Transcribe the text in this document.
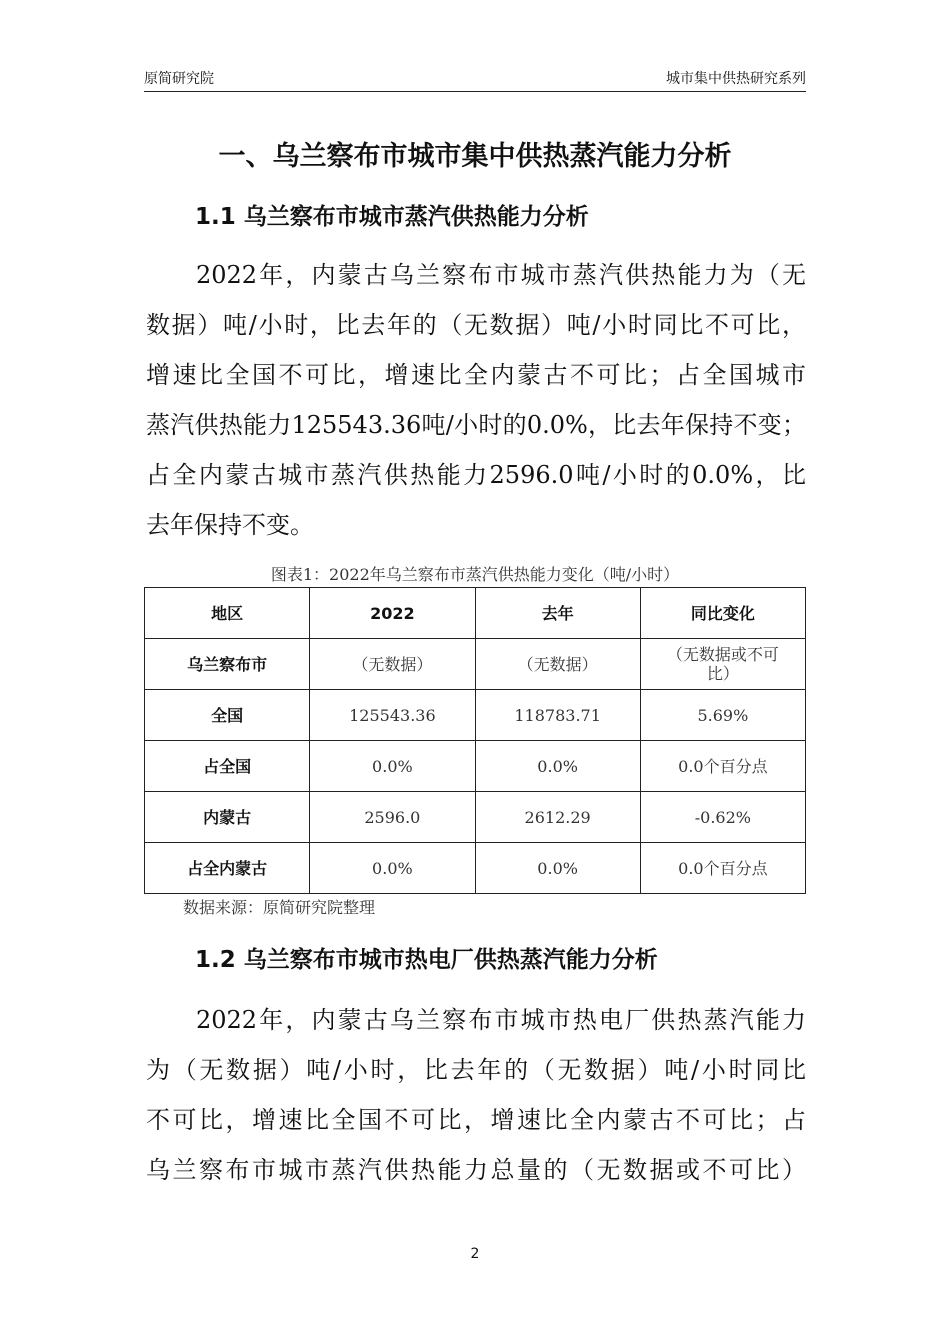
原简研究院	城市集中供热研究系列
一、乌兰察布市城市集中供热蒸汽能力分析
1.1 乌兰察布市城市蒸汽供热能力分析
2022年，内蒙古乌兰察布市城市蒸汽供热能力为（无
数据）吨/小时，比去年的（无数据）吨/小时同比不可比，
增速比全国不可比，增速比全内蒙古不可比；占全国城市
蒸汽供热能力125543.36吨/小时的0.0%，比去年保持不变；
占全内蒙古城市蒸汽供热能力2596.0吨/小时的0.0%，比
去年保持不变。
图表1：2022年乌兰察布市蒸汽供热能力变化（吨/小时）
地区	2022	去年	同比变化
乌兰察布市	（无数据）	（无数据）	（无数据或不可比）
全国	125543.36	118783.71	5.69%
占全国	0.0%	0.0%	0.0个百分点
内蒙古	2596.0	2612.29	-0.62%
占全内蒙古	0.0%	0.0%	0.0个百分点
数据来源：原简研究院整理
1.2 乌兰察布市城市热电厂供热蒸汽能力分析
2022年，内蒙古乌兰察布市城市热电厂供热蒸汽能力
为（无数据）吨/小时，比去年的（无数据）吨/小时同比
不可比，增速比全国不可比，增速比全内蒙古不可比；占
乌兰察布市城市蒸汽供热能力总量的（无数据或不可比）
2
